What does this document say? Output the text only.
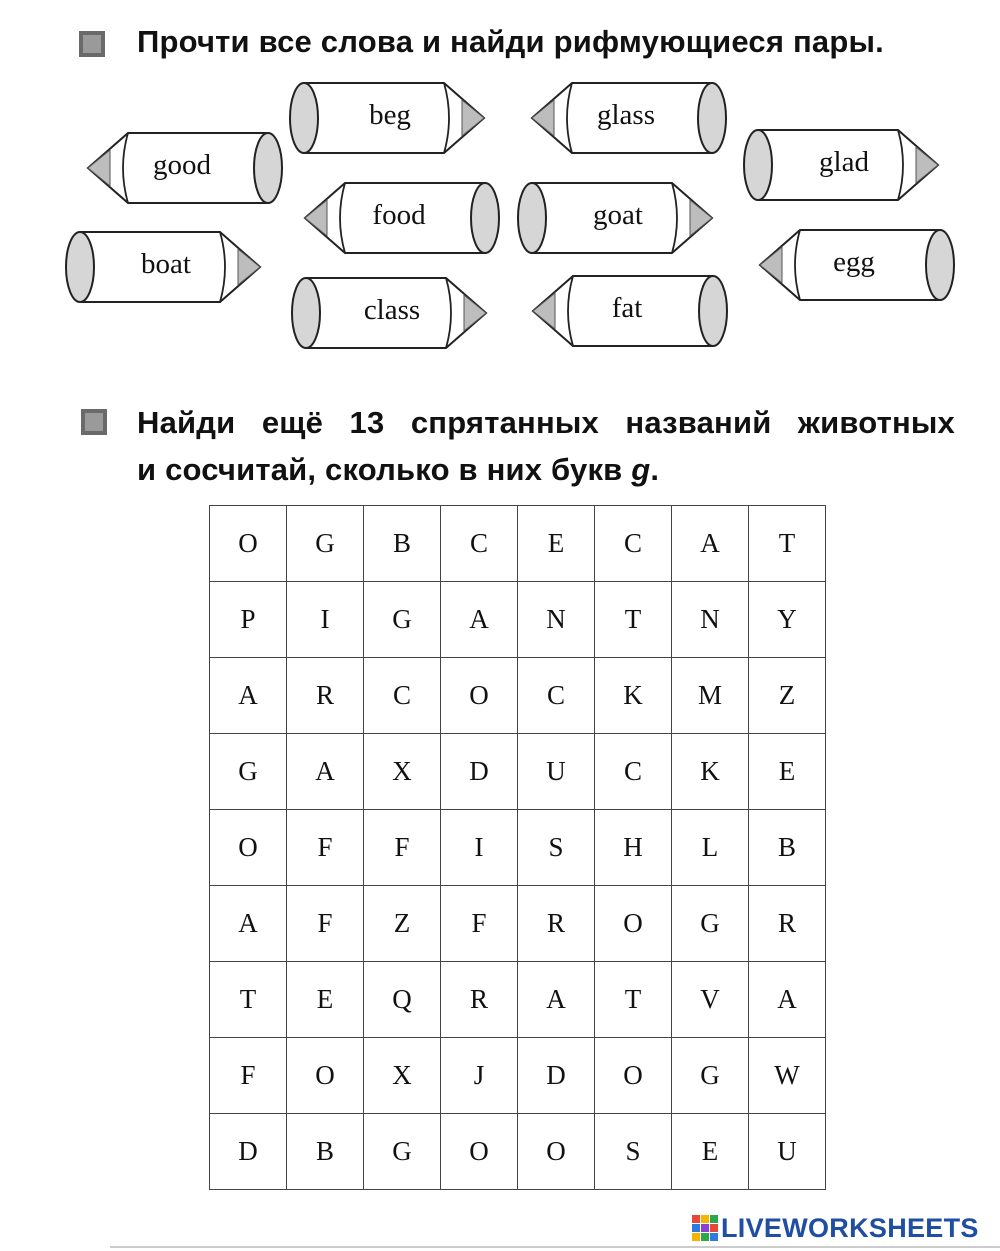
Прочти все слова и найди рифмующиеся пары.
good
boat
beg
food
class
glass
goat
fat
glad
egg
Найди ещё 13 спрятанных названий животных
и сосчитай, сколько в них букв g.
O	G	B	C	E	C	A	T
P	I	G	A	N	T	N	Y
A	R	C	O	C	K	M	Z
G	A	X	D	U	C	K	E
O	F	F	I	S	H	L	B
A	F	Z	F	R	O	G	R
T	E	Q	R	A	T	V	A
F	O	X	J	D	O	G	W
D	B	G	O	O	S	E	U
LIVEWORKSHEETS
